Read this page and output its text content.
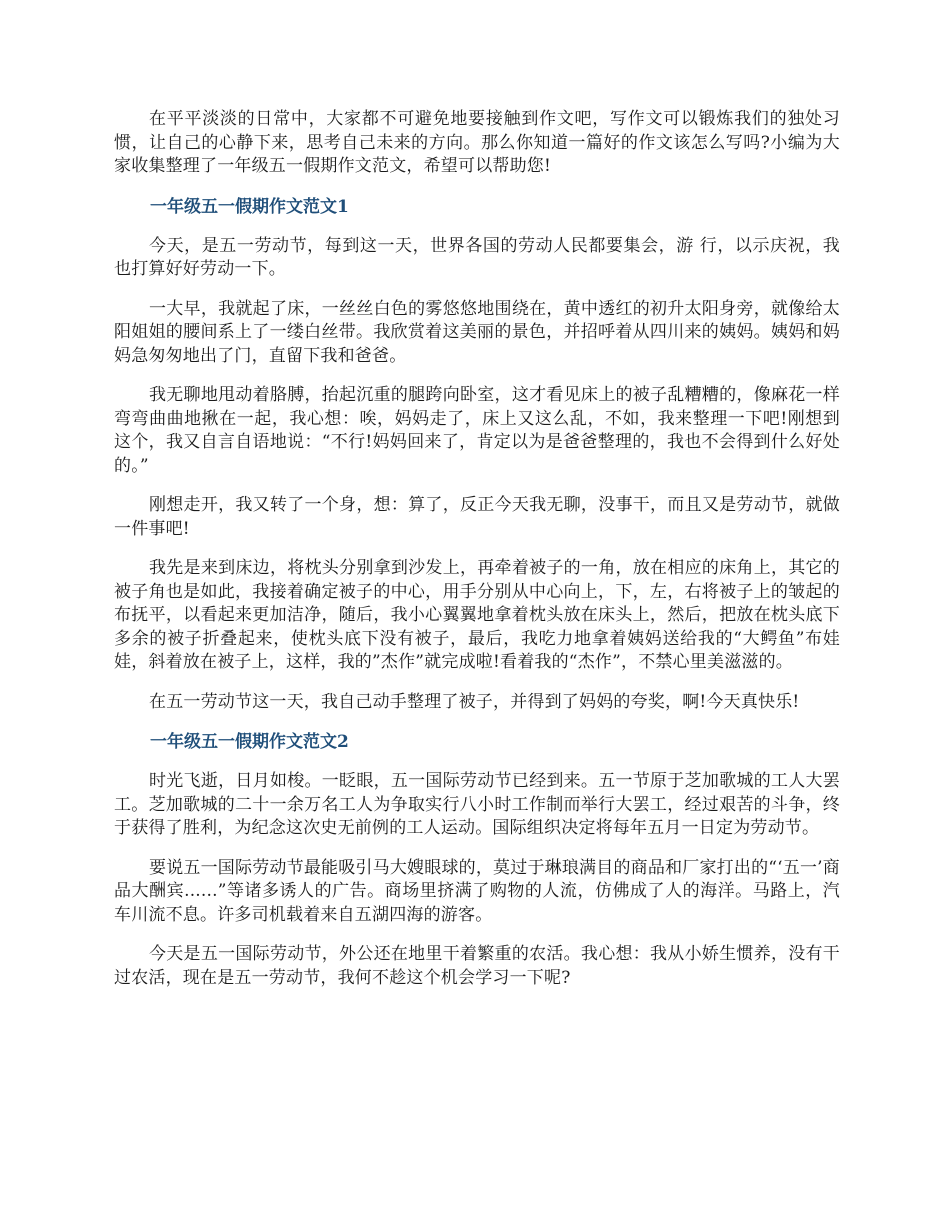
在平平淡淡的日常中，大家都不可避免地要接触到作文吧，写作文可以锻炼我们的独处习惯，让自己的心静下来，思考自己未来的方向。那么你知道一篇好的作文该怎么写吗?小编为大家收集整理了一年级五一假期作文范文，希望可以帮助您!

一年级五一假期作文范文1

今天，是五一劳动节，每到这一天，世界各国的劳动人民都要集会，游 行，以示庆祝，我也打算好好劳动一下。

一大早，我就起了床，一丝丝白色的雾悠悠地围绕在，黄中透红的初升太阳身旁，就像给太阳姐姐的腰间系上了一缕白丝带。我欣赏着这美丽的景色，并招呼着从四川来的姨妈。姨妈和妈妈急匆匆地出了门，直留下我和爸爸。

我无聊地甩动着胳膊，抬起沉重的腿跨向卧室，这才看见床上的被子乱糟糟的，像麻花一样弯弯曲曲地揪在一起，我心想：唉，妈妈走了，床上又这么乱，不如，我来整理一下吧!刚想到这个，我又自言自语地说：“不行!妈妈回来了，肯定以为是爸爸整理的，我也不会得到什么好处的。”

刚想走开，我又转了一个身，想：算了，反正今天我无聊，没事干，而且又是劳动节，就做一件事吧!

我先是来到床边，将枕头分别拿到沙发上，再牵着被子的一角，放在相应的床角上，其它的被子角也是如此，我接着确定被子的中心，用手分别从中心向上，下，左，右将被子上的皱起的布抚平，以看起来更加洁净，随后，我小心翼翼地拿着枕头放在床头上，然后，把放在枕头底下多余的被子折叠起来，使枕头底下没有被子，最后，我吃力地拿着姨妈送给我的“大鳄鱼”布娃娃，斜着放在被子上，这样，我的”杰作”就完成啦!看着我的“杰作”，不禁心里美滋滋的。

在五一劳动节这一天，我自己动手整理了被子，并得到了妈妈的夸奖，啊!今天真快乐!

一年级五一假期作文范文2

时光飞逝，日月如梭。一眨眼，五一国际劳动节已经到来。五一节原于芝加歌城的工人大罢工。芝加歌城的二十一余万名工人为争取实行八小时工作制而举行大罢工，经过艰苦的斗争，终于获得了胜利，为纪念这次史无前例的工人运动。国际组织决定将每年五月一日定为劳动节。

要说五一国际劳动节最能吸引马大嫂眼球的，莫过于琳琅满目的商品和厂家打出的“‘五一’商品大酬宾......”等诸多诱人的广告。商场里挤满了购物的人流，仿佛成了人的海洋。马路上，汽车川流不息。许多司机载着来自五湖四海的游客。

今天是五一国际劳动节，外公还在地里干着繁重的农活。我心想：我从小娇生惯养，没有干过农活，现在是五一劳动节，我何不趁这个机会学习一下呢?
